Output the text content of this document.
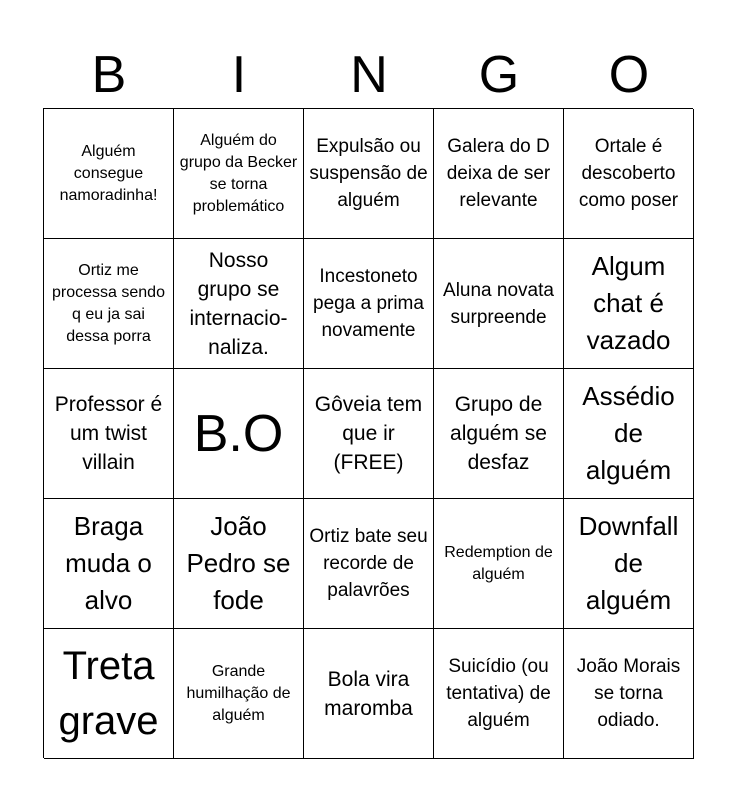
B	I	N	G	O
Alguém consegue namoradinha!
Alguém do grupo da Becker se torna problemático
Expulsão ou suspensão de alguém
Galera do D deixa de ser relevante
Ortale é descoberto como poser
Ortiz me processa sendo q eu ja sai dessa porra
Nosso grupo se internacio-naliza.
Incestoneto pega a prima novamente
Aluna novata surpreende
Algum chat é vazado
Professor é um twist villain	B.O	Gôveia tem que ir (FREE)
Grupo de alguém se desfaz
Assédio de alguém
Braga muda o alvo
João Pedro se fode
Ortiz bate seu recorde de palavrões
Redemption de alguém
Downfall de alguém
Treta grave
Grande humilhação de alguém
Bola vira maromba
Suicídio (ou tentativa) de alguém
João Morais se torna odiado.
